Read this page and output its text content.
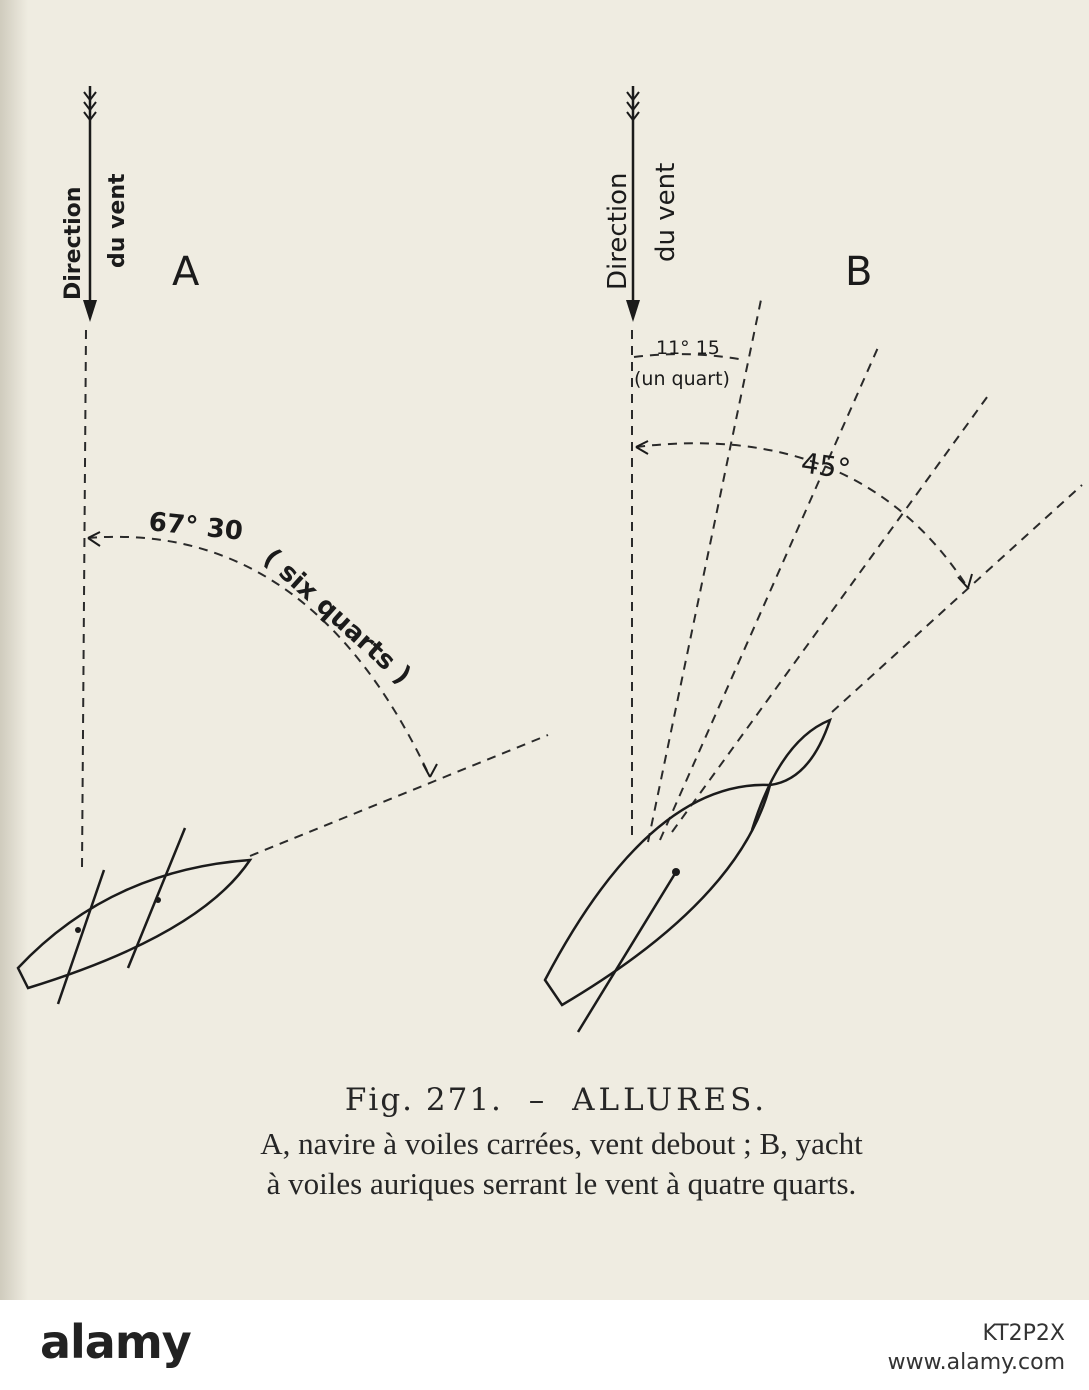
Direction du vent
A
67° 30
( six quarts )
Direction du vent
B
11° 15
(un quart)
45°
Fig. 271. – ALLURES.
A, navire à voiles carrées, vent debout ; B, yacht
à voiles auriques serrant le vent à quatre quarts.
alamy	KT2P2X
www.alamy.com
